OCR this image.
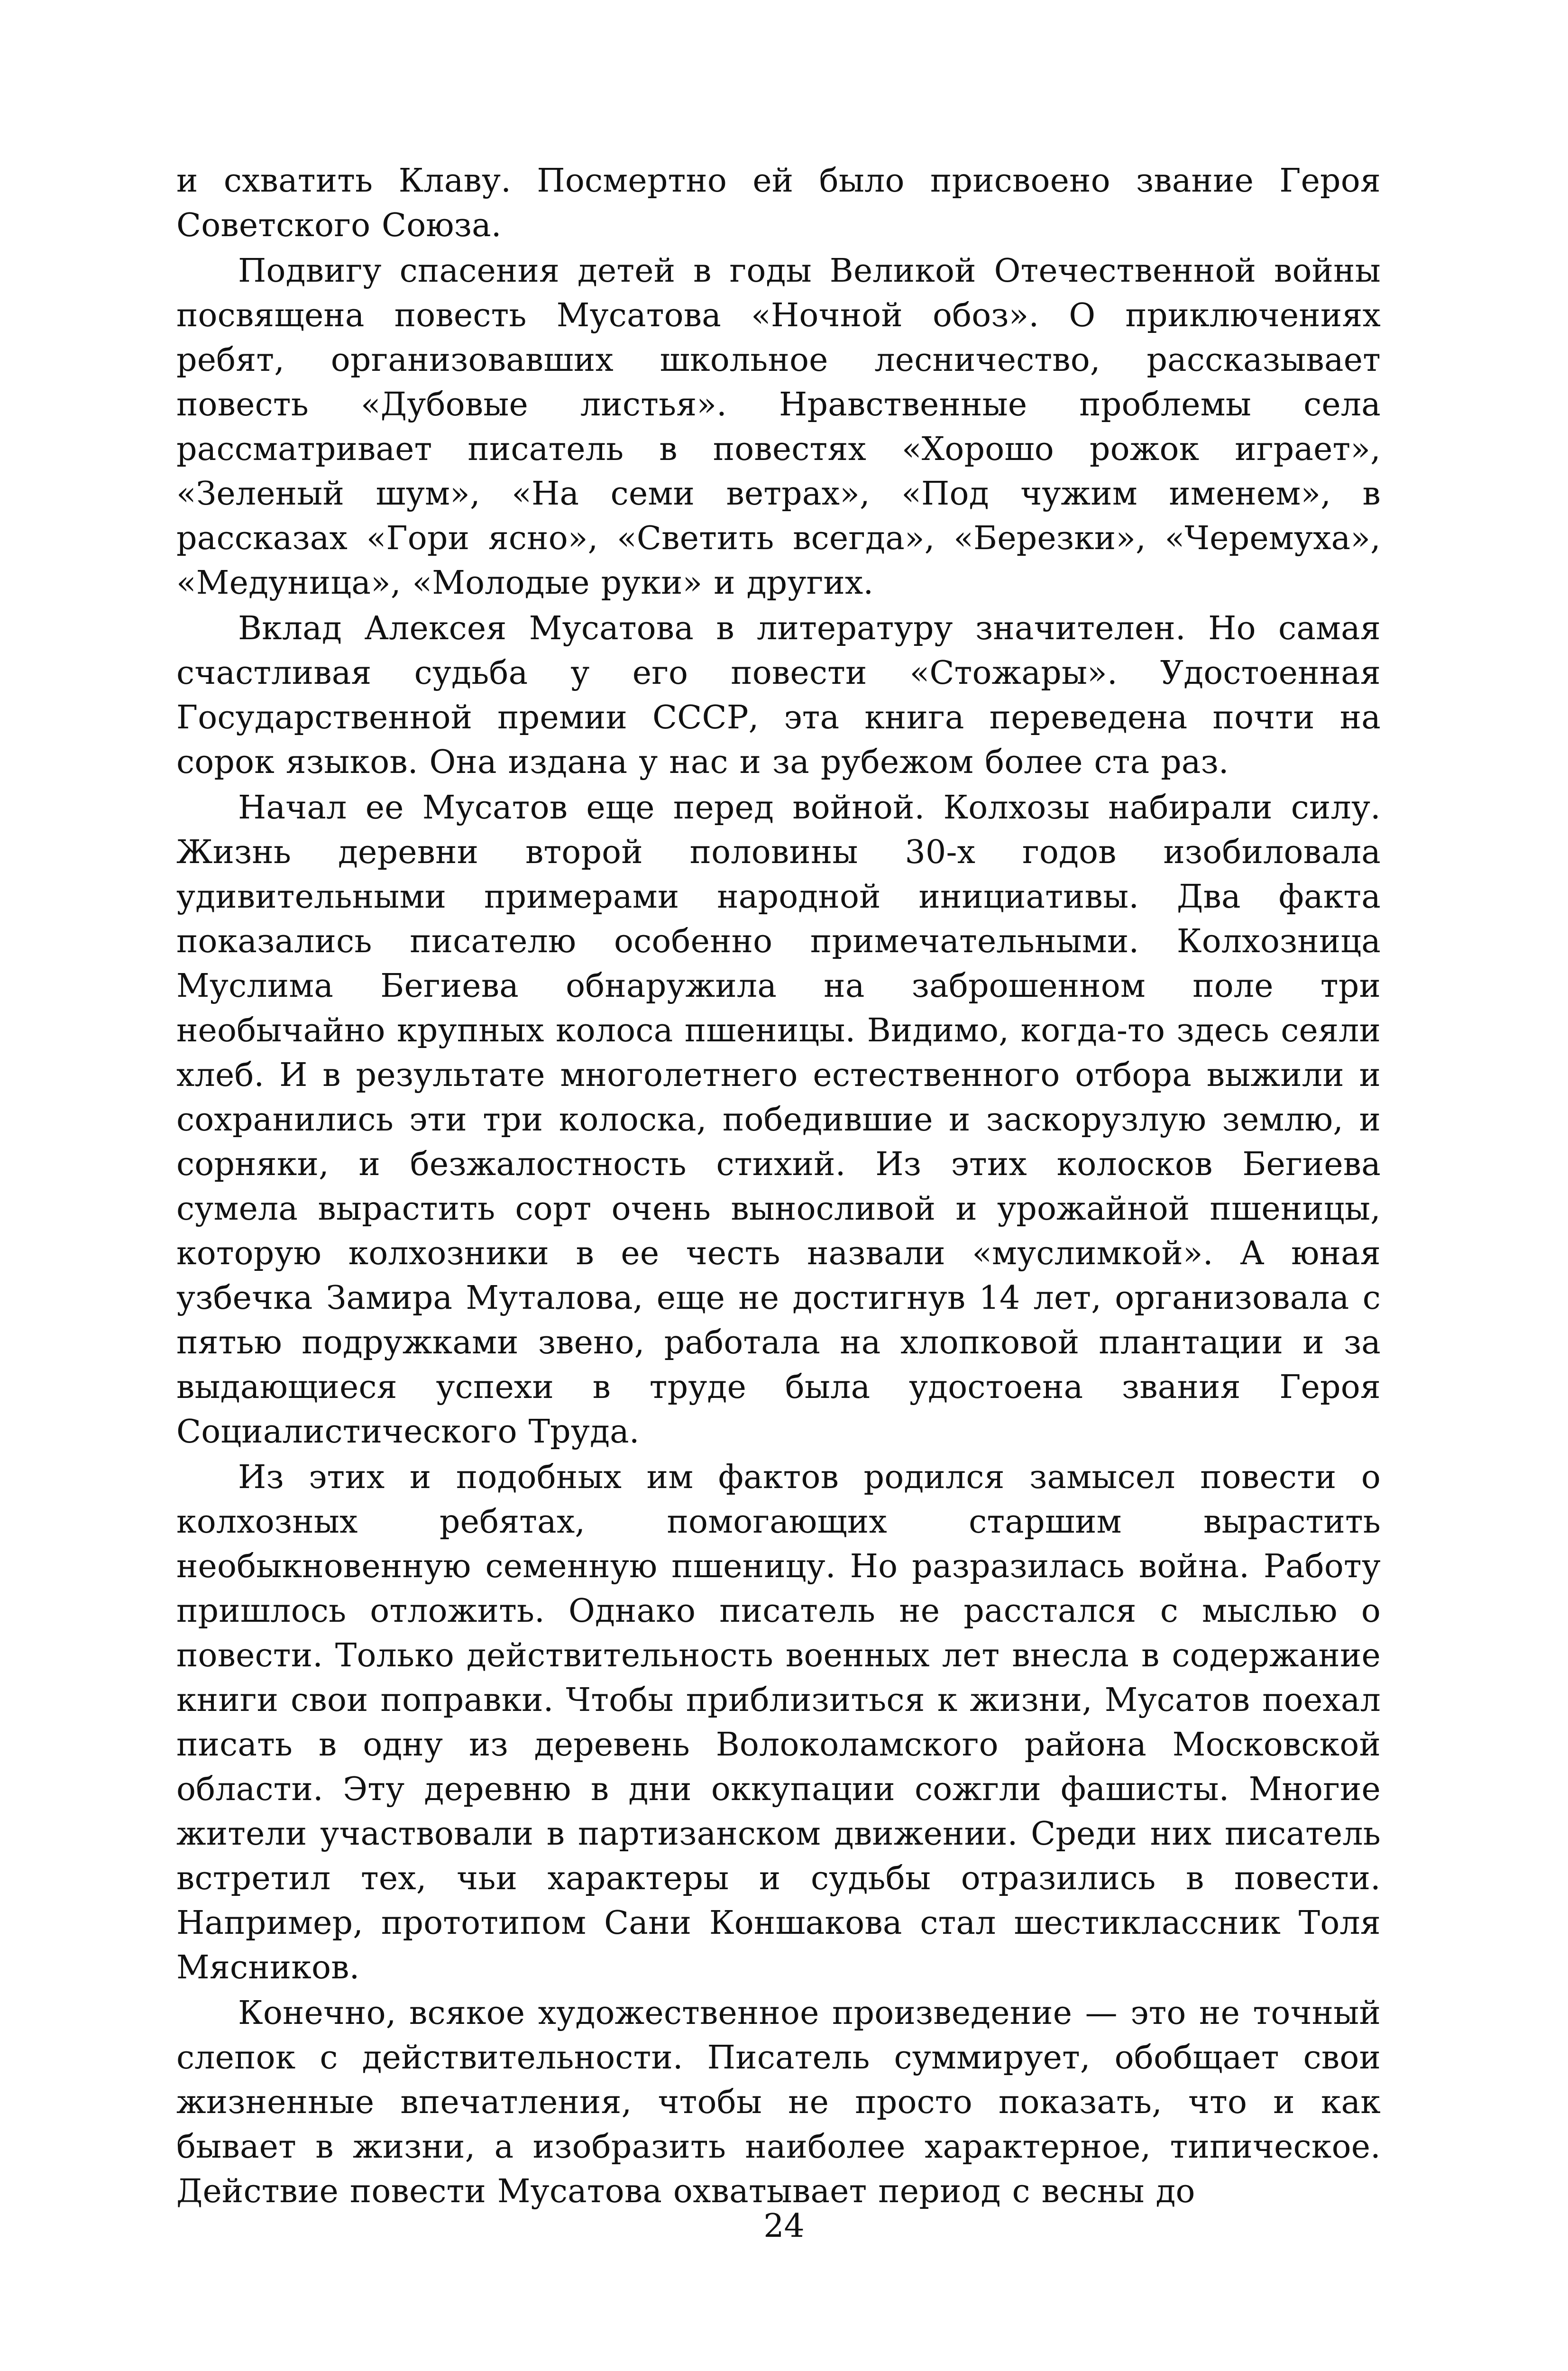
и схватить Клаву. Посмертно ей было присвоено звание Героя Советского Союза.

Подвигу спасения детей в годы Великой Отечественной войны посвящена повесть Мусатова «Ночной обоз». О приключениях ребят, организовавших школьное лесничество, рассказывает повесть «Дубовые листья». Нравственные проблемы села рассматривает писатель в повестях «Хорошо рожок играет», «Зеленый шум», «На семи ветрах», «Под чужим именем», в рассказах «Гори ясно», «Светить всегда», «Березки», «Черемуха», «Медуница», «Молодые руки» и других.

Вклад Алексея Мусатова в литературу значителен. Но самая счастливая судьба у его повести «Стожары». Удостоенная Государственной премии СССР, эта книга переведена почти на сорок языков. Она издана у нас и за рубежом более ста раз.

Начал ее Мусатов еще перед войной. Колхозы набирали силу. Жизнь деревни второй половины 30-х годов изобиловала удивительными примерами народной инициативы. Два факта показались писателю особенно примечательными. Колхозница Муслима Бегиева обнаружила на заброшенном поле три необычайно крупных колоса пшеницы. Видимо, когда-то здесь сеяли хлеб. И в результате многолетнего естественного отбора выжили и сохранились эти три колоска, победившие и заскорузлую землю, и сорняки, и безжалостность стихий. Из этих колосков Бегиева сумела вырастить сорт очень выносливой и урожайной пшеницы, которую колхозники в ее честь назвали «муслимкой». А юная узбечка Замира Муталова, еще не достигнув 14 лет, организовала с пятью подружками звено, работала на хлопковой плантации и за выдающиеся успехи в труде была удостоена звания Героя Социалистического Труда.

Из этих и подобных им фактов родился замысел повести о колхозных ребятах, помогающих старшим вырастить необыкновенную семенную пшеницу. Но разразилась война. Работу пришлось отложить. Однако писатель не расстался с мыслью о повести. Только действительность военных лет внесла в содержание книги свои поправки. Чтобы приблизиться к жизни, Мусатов поехал писать в одну из деревень Волоколамского района Московской области. Эту деревню в дни оккупации сожгли фашисты. Многие жители участвовали в партизанском движении. Среди них писатель встретил тех, чьи характеры и судьбы отразились в повести. Например, прототипом Сани Коншакова стал шестиклассник Толя Мясников.

Конечно, всякое художественное произведение — это не точный слепок с действительности. Писатель суммирует, обобщает свои жизненные впечатления, чтобы не просто показать, что и как бывает в жизни, а изобразить наиболее характерное, типическое. Действие повести Мусатова охватывает период с весны до

24
